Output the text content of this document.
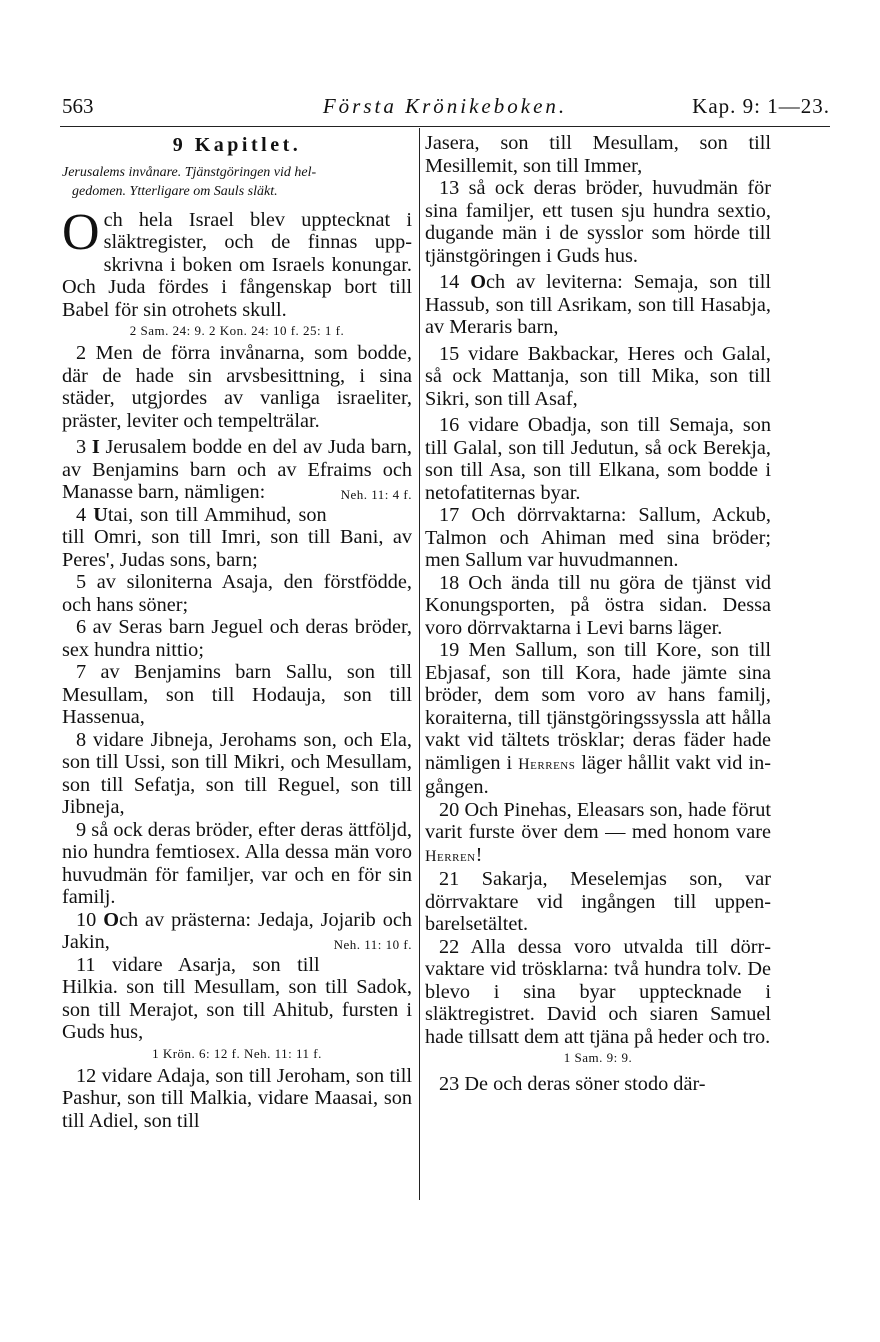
563	Första Krönikeboken.	Kap. 9: 1—23.
9 Kapitlet.
Jerusalems invånare. Tjänstgöringen vid hel-
gedomen. Ytterligare om Sauls släkt.

Och hela Israel blev upptecknat i släktregister, och de finnas uppskrivna i boken om Israels konungar. Och Juda fördes i fångenskap bort till Babel för sin otrohets skull.

2 Sam. 24: 9. 2 Kon. 24: 10 f. 25: 1 f.

2 Men de förra invånarna, som bodde, där de hade sin arvsbesittning, i sina städer, utgjordes av vanliga israeliter, präster, leviter och tempelträlar.

3 I Jerusalem bodde en del av Juda barn, av Benjamins barn och av Efraims och Manasse barn, nämligen:	Neh. 11: 4 f.

4 Utai, son till Ammihud, son till Omri, son till Imri, son till Bani, av Peres', Judas sons, barn;

5 av siloniterna Asaja, den förstfödde, och hans söner;

6 av Seras barn Jeguel och deras bröder, sex hundra nittio;

7 av Benjamins barn Sallu, son till Mesullam, son till Hodauja, son till Hassenua,

8 vidare Jibneja, Jerohams son, och Ela, son till Ussi, son till Mikri, och Mesullam, son till Sefatja, son till Reguel, son till Jibneja,

9 så ock deras bröder, efter deras ättföljd, nio hundra femtiosex. Alla dessa män voro huvudmän för familjer, var och en för sin familj.

10 Och av prästerna: Jedaja, Jojarib och Jakin,	Neh. 11: 10 f.

11 vidare Asarja, son till Hilkia. son till Mesullam, son till Sadok, son till Merajot, son till Ahitub, fursten i Guds hus,

1 Krön. 6: 12 f. Neh. 11: 11 f.

12 vidare Adaja, son till Jeroham, son till Pashur, son till Malkia, vidare Maasai, son till Adiel, son till

Jasera, son till Mesullam, son till Mesillemit, son till Immer,

13 så ock deras bröder, huvudmän för sina familjer, ett tusen sju hundra sextio, dugande män i de sysslor som hörde till tjänstgöringen i Guds hus.

14 Och av leviterna: Semaja, son till Hassub, son till Asrikam, son till Hasabja, av Meraris barn,

15 vidare Bakbackar, Heres och Galal, så ock Mattanja, son till Mika, son till Sikri, son till Asaf,

16 vidare Obadja, son till Semaja, son till Galal, son till Jedutun, så ock Berekja, son till Asa, son till Elkana, som bodde i netofatiternas byar.

17 Och dörrvaktarna: Sallum, Ackub, Talmon och Ahiman med sina bröder; men Sallum var huvudmannen.

18 Och ända till nu göra de tjänst vid Konungsporten, på östra sidan. Dessa voro dörrvaktarna i Levi barns läger.

19 Men Sallum, son till Kore, son till Ebjasaf, son till Kora, hade jämte sina bröder, dem som voro av hans familj, koraiterna, till tjänstgöringssyssla att hålla vakt vid tältets trösklar; deras fäder hade nämligen i Herrens läger hållit vakt vid ingången.

20 Och Pinehas, Eleasars son, hade förut varit furste över dem — med honom vare Herren!

21 Sakarja, Meselemjas son, var dörrvaktare vid ingången till uppenbarelsetältet.

22 Alla dessa voro utvalda till dörrvaktare vid trösklarna: två hundra tolv. De blevo i sina byar upptecknade i släktregistret. David och siaren Samuel hade tillsatt dem att tjäna på heder och tro.

1 Sam. 9: 9.

23 De och deras söner stodo där-
